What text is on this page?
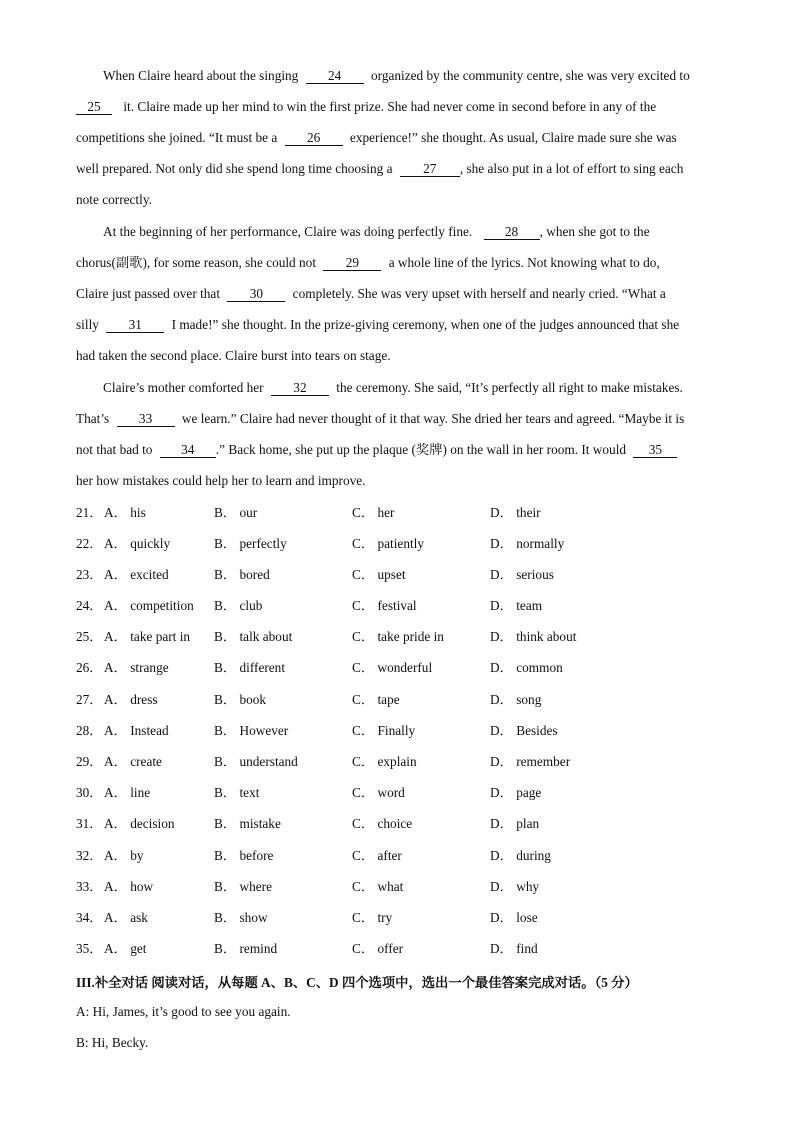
When Claire heard about the singing 24 organized by the community centre, she was very excited to
25 it. Claire made up her mind to win the first prize. She had never come in second before in any of the
competitions she joined. “It must be a 26 experience!” she thought. As usual, Claire made sure she was
well prepared. Not only did she spend long time choosing a 27 , she also put in a lot of effort to sing each
note correctly.
At the beginning of her performance, Claire was doing perfectly fine. 28 , when she got to the
chorus(副歌), for some reason, she could not 29 a whole line of the lyrics. Not knowing what to do,
Claire just passed over that 30 completely. She was very upset with herself and nearly cried. “What a
silly 31 I made!” she thought. In the prize-giving ceremony, when one of the judges announced that she
had taken the second place. Claire burst into tears on stage.
Claire’s mother comforted her 32 the ceremony. She said, “It’s perfectly all right to make mistakes.
That’s 33 we learn.” Claire had never thought of it that way. She dried her tears and agreed. “Maybe it is
not that bad to 34 .” Back home, she put up the plaque (奖牌) on the wall in her room. It would 35
her how mistakes could help her to learn and improve.
21． A． his	B． our	C． her	D． their
22． A． quickly	B． perfectly	C． patiently	D． normally
23． A． excited	B． bored	C． upset	D． serious
24． A． competition B． club	C． festival	D． team
25． A． take part in B． talk about	C． take pride in	D． think about
26． A． strange	B． different	C． wonderful	D． common
27． A． dress	B． book	C． tape	D． song
28． A． Instead	B． However	C． Finally	D． Besides
29． A． create	B． understand	C． explain	D． remember
30． A． line	B． text	C． word	D． page
31． A． decision	B． mistake	C． choice	D． plan
32． A． by	B． before	C． after	D． during
33． A． how	B． where	C． what	D． why
34． A． ask	B． show	C． try	D． lose
35． A． get	B． remind	C． offer	D． find
III.补全对话 阅读对话，从每题 A、B、C、D 四个选项中，选出一个最佳答案完成对话。（5 分）
A: Hi, James, it’s good to see you again.
B: Hi, Becky.
